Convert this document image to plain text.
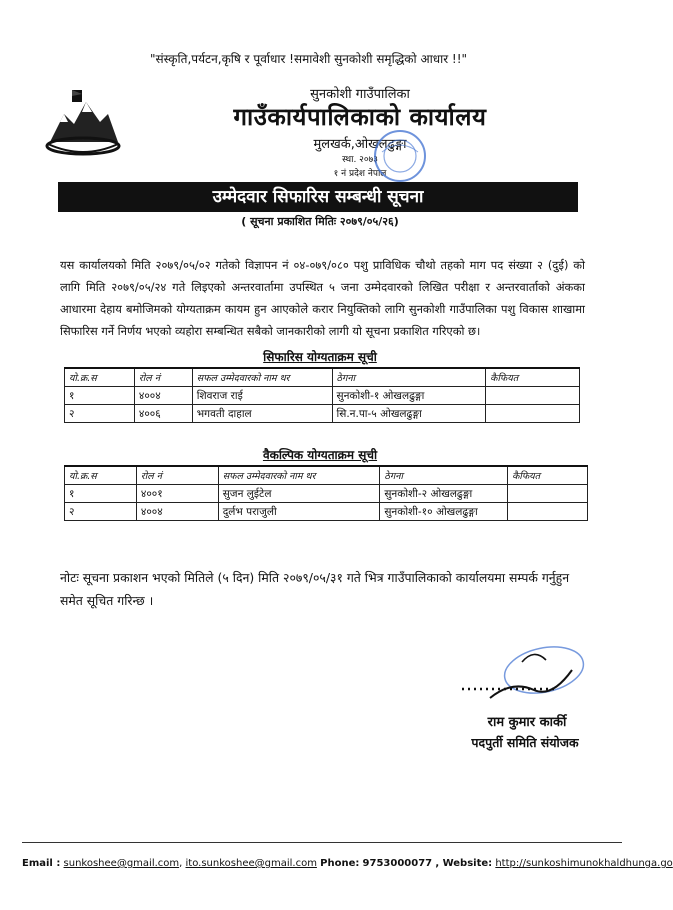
"संस्कृति,पर्यटन,कृषि र पूर्वाधार !समावेशी सुनकोशी समृद्धिको आधार !!"
सुनकोशी गाउँपालिका
गाउँकार्यपालिकाको कार्यालय
मुलखर्क,ओखलढुङ्गा
स्था. २०७३
१ नं प्रदेश नेपाल
उम्मेदवार सिफारिस सम्बन्धी सूचना
( सूचना प्रकाशित मितिः २०७९/०५/२६)
यस कार्यालयको मिति २०७९/०५/०२ गतेको विज्ञापन नं ०४-०७९/०८० पशु प्राविधिक चौथो तहको माग पद संख्या २ (दुई) को लागि मिति २०७९/०५/२४ गते लिइएको अन्तरवार्तामा उपस्थित ५ जना उम्मेदवारको लिखित परीक्षा र अन्तरवार्ताको अंकका आधारमा देहाय बमोजिमको योग्यताक्रम कायम हुन आएकोले करार नियुक्तिको लागि सुनकोशी गाउँपालिका पशु विकास शाखामा सिफारिस गर्ने निर्णय भएको व्यहोरा सम्बन्धित सबैको जानकारीको लागी यो सूचना प्रकाशित गरिएको छ।
सिफारिस योग्यताक्रम सूची
यो.क्र.स	रोल नं	सफल उम्मेदवारको नाम थर	ठेगना	कैफियत
१	४००४	शिवराज राई	सुनकोशी-१ ओखलढुङ्गा	
२	४००६	भगवती दाहाल	सि.न.पा-५ ओखलढुङ्गा	
वैकल्पिक योग्यताक्रम सूची
यो.क्र.स	रोल नं	सफल उम्मेदवारको नाम थर	ठेगना	कैफियत
१	४००१	सुजन लुईटेल	सुनकोशी-२ ओखलढुङ्गा	
२	४००४	दुर्लभ पराजुली	सुनकोशी-१० ओखलढुङ्गा	
नोटः सूचना प्रकाशन भएको मितिले (५ दिन) मिति २०७९/०५/३१ गते भित्र गाउँपालिकाको कार्यालयमा सम्पर्क गर्नुहुन समेत सूचित गरिन्छ ।
राम कुमार कार्की
पदपुर्ती समिति संयोजक
Email : sunkoshee@gmail.com, ito.sunkoshee@gmail.com Phone: 9753000077 , Website: http://sunkoshimunokhaldhunga.go
